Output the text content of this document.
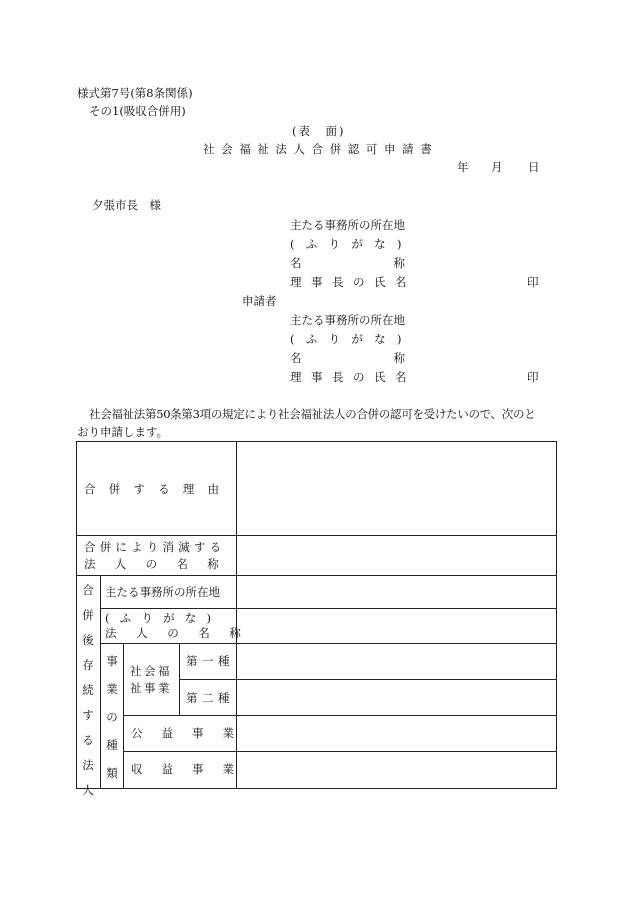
様式第7号(第8条関係)
その1(吸収合併用)
(表　面)
社会福祉法人合併認可申請書
年 月 日
夕張市長　様
主たる事務所の所在地
(ふりがな)
名称
理事長の氏名	印
申請者
主たる事務所の所在地
(ふりがな)
名称
理事長の氏名	印
社会福祉法第50条第3項の規定により社会福祉法人の合併の認可を受けたいので、次のと
おり申請します。
合併する理由
合併により消滅する
法人の名称
合併後存続する法人
主たる事務所の所在地
(ふりがな)
法人の名称
事業の種類
社会福祉事業
第一種
第二種
公益事業
収益事業
